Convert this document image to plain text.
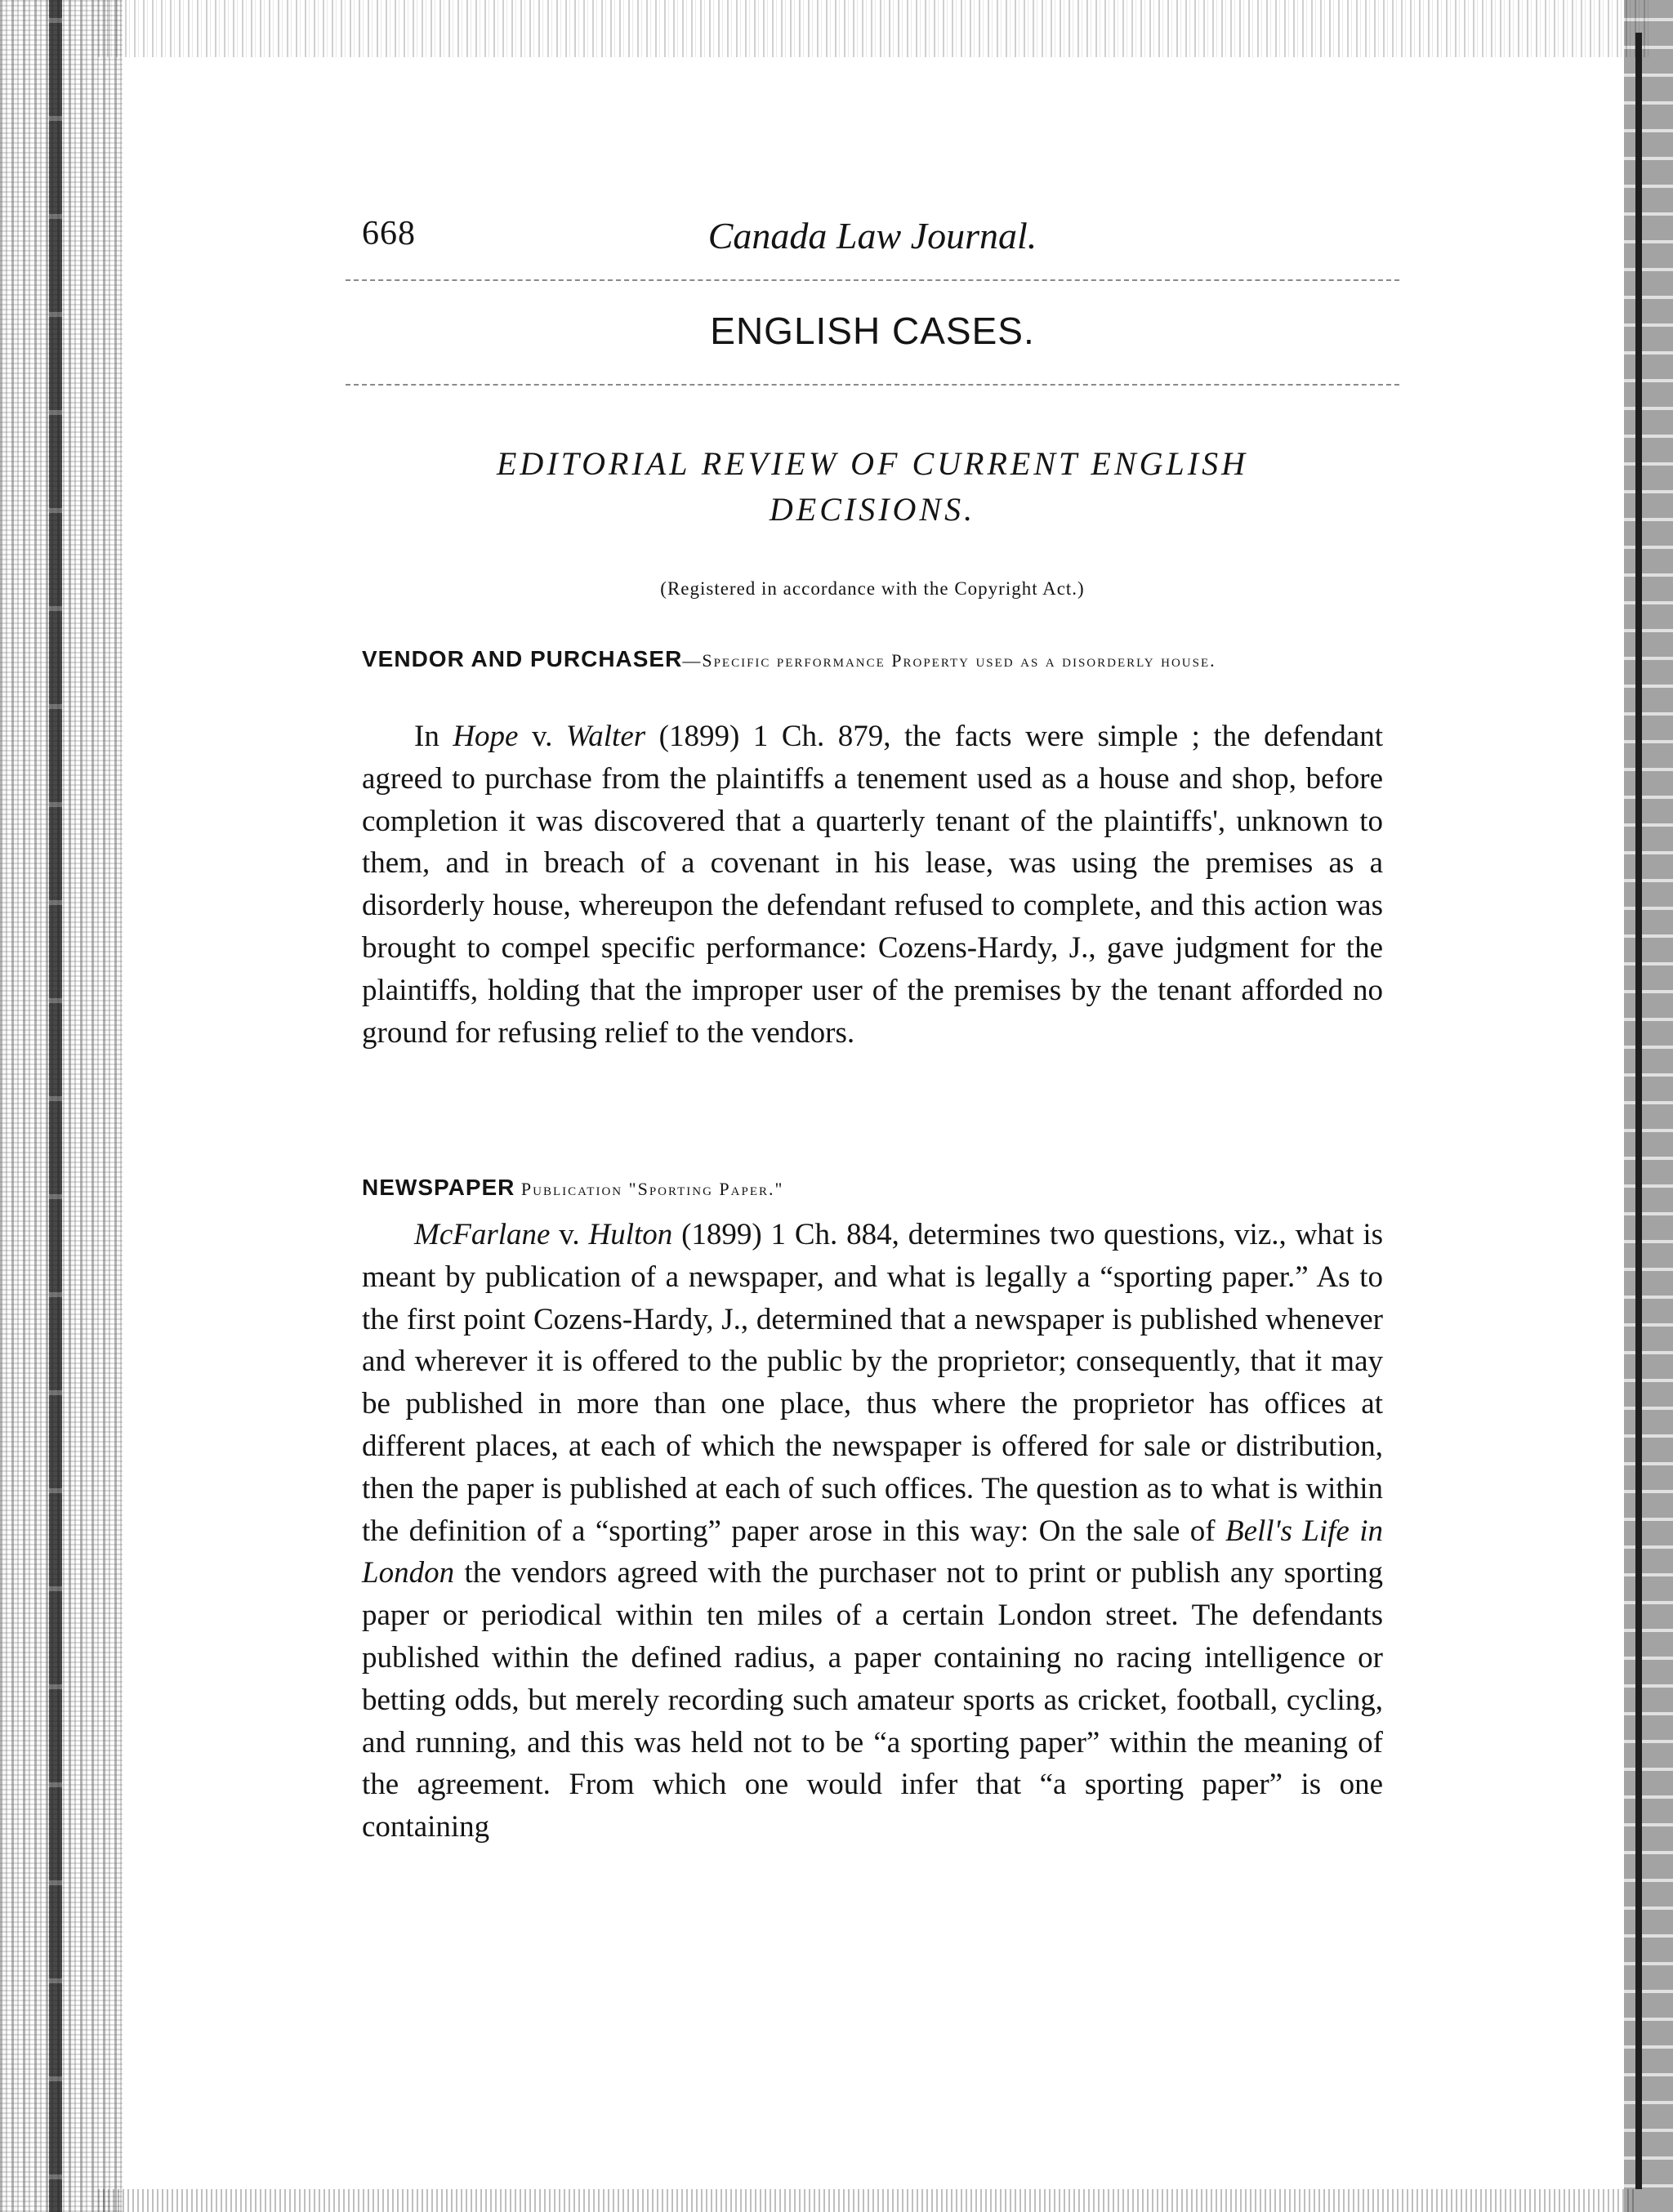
668	Canada Law Journal.
ENGLISH CASES.
EDITORIAL REVIEW OF CURRENT ENGLISH
DECISIONS.
(Registered in accordance with the Copyright Act.)
VENDOR AND PURCHASER—Specific performance Property used as a disorderly house.
In Hope v. Walter (1899) 1 Ch. 879, the facts were simple ; the defendant agreed to purchase from the plaintiffs a tenement used as a house and shop, before completion it was discovered that a quarterly tenant of the plaintiffs', unknown to them, and in breach of a covenant in his lease, was using the premises as a disorderly house, whereupon the defendant refused to complete, and this action was brought to compel specific performance: Cozens-Hardy, J., gave judgment for the plaintiffs, holding that the improper user of the premises by the tenant afforded no ground for refusing relief to the vendors.
NEWSPAPER Publication "Sporting Paper."
McFarlane v. Hulton (1899) 1 Ch. 884, determines two questions, viz., what is meant by publication of a newspaper, and what is legally a “sporting paper.” As to the first point Cozens-Hardy, J., determined that a newspaper is published whenever and wherever it is offered to the public by the proprietor; consequently, that it may be published in more than one place, thus where the proprietor has offices at different places, at each of which the newspaper is offered for sale or distribution, then the paper is published at each of such offices. The question as to what is within the definition of a “sporting” paper arose in this way: On the sale of Bell's Life in London the vendors agreed with the purchaser not to print or publish any sporting paper or periodical within ten miles of a certain London street. The defendants published within the defined radius, a paper containing no racing intelligence or betting odds, but merely recording such amateur sports as cricket, football, cycling, and running, and this was held not to be “a sporting paper” within the meaning of the agreement. From which one would infer that “a sporting paper” is one containing
